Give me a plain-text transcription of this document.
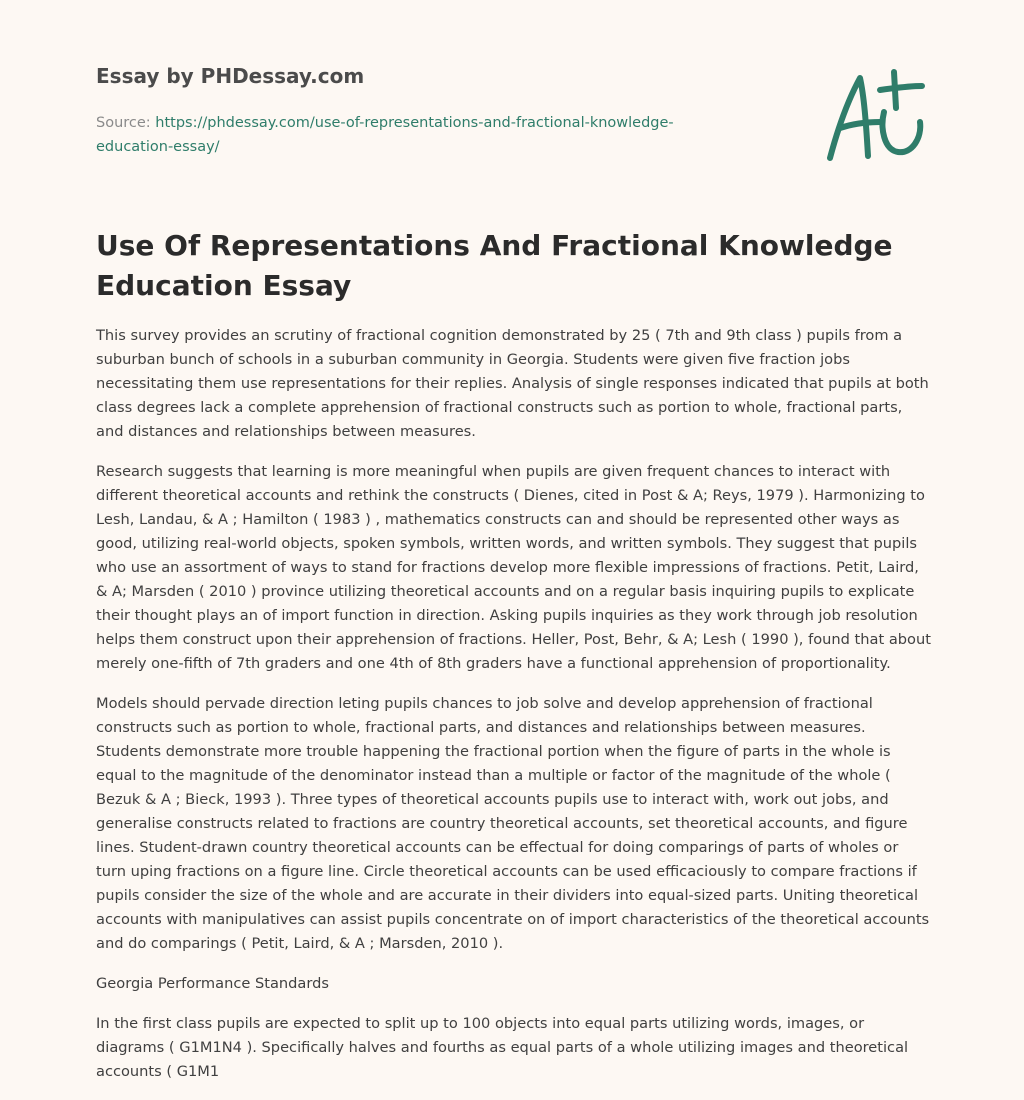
Essay by PHDessay.com
Source: https://phdessay.com/use-of-representations-and-fractional-knowledge-education-essay/
Use Of Representations And Fractional Knowledge Education Essay

This survey provides an scrutiny of fractional cognition demonstrated by 25 ( 7th and 9th class ) pupils from a suburban bunch of schools in a suburban community in Georgia. Students were given five fraction jobs necessitating them use representations for their replies. Analysis of single responses indicated that pupils at both class degrees lack a complete apprehension of fractional constructs such as portion to whole, fractional parts, and distances and relationships between measures.

Research suggests that learning is more meaningful when pupils are given frequent chances to interact with different theoretical accounts and rethink the constructs ( Dienes, cited in Post & A; Reys, 1979 ). Harmonizing to Lesh, Landau, & A ; Hamilton ( 1983 ) , mathematics constructs can and should be represented other ways as good, utilizing real-world objects, spoken symbols, written words, and written symbols. They suggest that pupils who use an assortment of ways to stand for fractions develop more flexible impressions of fractions. Petit, Laird, & A; Marsden ( 2010 ) province utilizing theoretical accounts and on a regular basis inquiring pupils to explicate their thought plays an of import function in direction. Asking pupils inquiries as they work through job resolution helps them construct upon their apprehension of fractions. Heller, Post, Behr, & A; Lesh ( 1990 ), found that about merely one-fifth of 7th graders and one 4th of 8th graders have a functional apprehension of proportionality.

Models should pervade direction leting pupils chances to job solve and develop apprehension of fractional constructs such as portion to whole, fractional parts, and distances and relationships between measures. Students demonstrate more trouble happening the fractional portion when the figure of parts in the whole is equal to the magnitude of the denominator instead than a multiple or factor of the magnitude of the whole ( Bezuk & A ; Bieck, 1993 ). Three types of theoretical accounts pupils use to interact with, work out jobs, and generalise constructs related to fractions are country theoretical accounts, set theoretical accounts, and figure lines. Student-drawn country theoretical accounts can be effectual for doing comparings of parts of wholes or turn uping fractions on a figure line. Circle theoretical accounts can be used efficaciously to compare fractions if pupils consider the size of the whole and are accurate in their dividers into equal-sized parts. Uniting theoretical accounts with manipulatives can assist pupils concentrate on of import characteristics of the theoretical accounts and do comparings ( Petit, Laird, & A ; Marsden, 2010 ).

Georgia Performance Standards

In the first class pupils are expected to split up to 100 objects into equal parts utilizing words, images, or diagrams ( G1M1N4 ). Specifically halves and fourths as equal parts of a whole utilizing images and theoretical accounts ( G1M1
